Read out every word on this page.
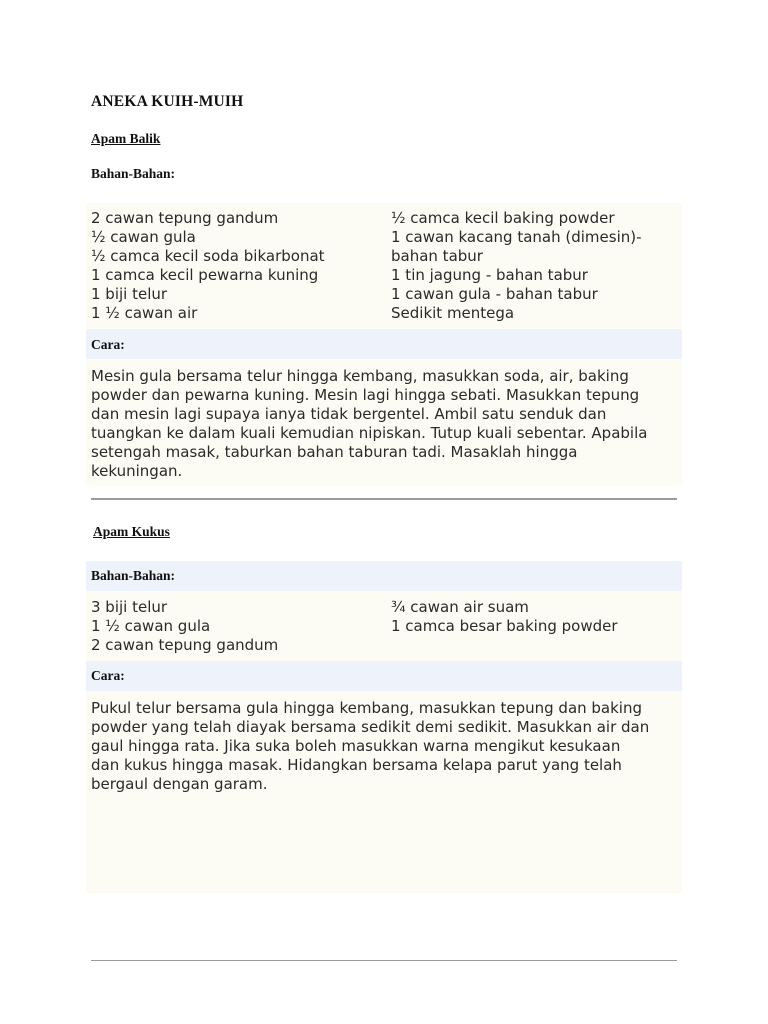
ANEKA KUIH-MUIH
Apam Balik
Bahan-Bahan:
2 cawan tepung gandum
½ cawan gula
½ camca kecil soda bikarbonat
1 camca kecil pewarna kuning
1 biji telur
1 ½ cawan air
½ camca kecil baking powder
1 cawan kacang tanah (dimesin)-
bahan tabur
1 tin jagung - bahan tabur
1 cawan gula - bahan tabur
Sedikit mentega
Cara:
Mesin gula bersama telur hingga kembang, masukkan soda, air, baking
powder dan pewarna kuning. Mesin lagi hingga sebati. Masukkan tepung
dan mesin lagi supaya ianya tidak bergentel. Ambil satu senduk dan
tuangkan ke dalam kuali kemudian nipiskan. Tutup kuali sebentar. Apabila
setengah masak, taburkan bahan taburan tadi. Masaklah hingga
kekuningan.
Apam Kukus
Bahan-Bahan:
3 biji telur
1 ½ cawan gula
2 cawan tepung gandum
¾ cawan air suam
1 camca besar baking powder
Cara:
Pukul telur bersama gula hingga kembang, masukkan tepung dan baking
powder yang telah diayak bersama sedikit demi sedikit. Masukkan air dan
gaul hingga rata. Jika suka boleh masukkan warna mengikut kesukaan
dan kukus hingga masak. Hidangkan bersama kelapa parut yang telah
bergaul dengan garam.
